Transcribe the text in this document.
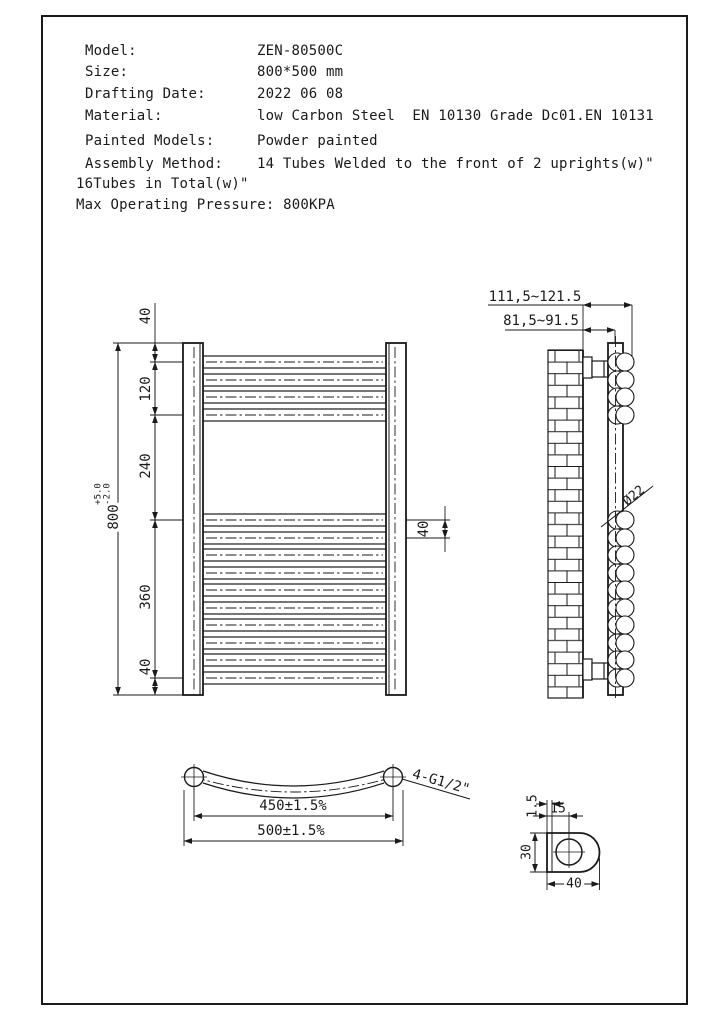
Model:	ZEN-80500C
Size:	800*500 mm
Drafting Date:	2022 06 08
Material:	low Carbon Steel  EN 10130 Grade Dc01.EN 10131
Painted Models:	Powder painted
Assembly Method: 14 Tubes Welded to the front of 2 uprights(w)"
16Tubes in Total(w)"
Max Operating Pressure: 800KPA
40
120
240
360
40
800
+5.0 -2.0
40
111,5~121.5
81,5~91.5
Ø22
450±1.5%
500±1.5%
4-G1/2"
1.5 15
30
40
